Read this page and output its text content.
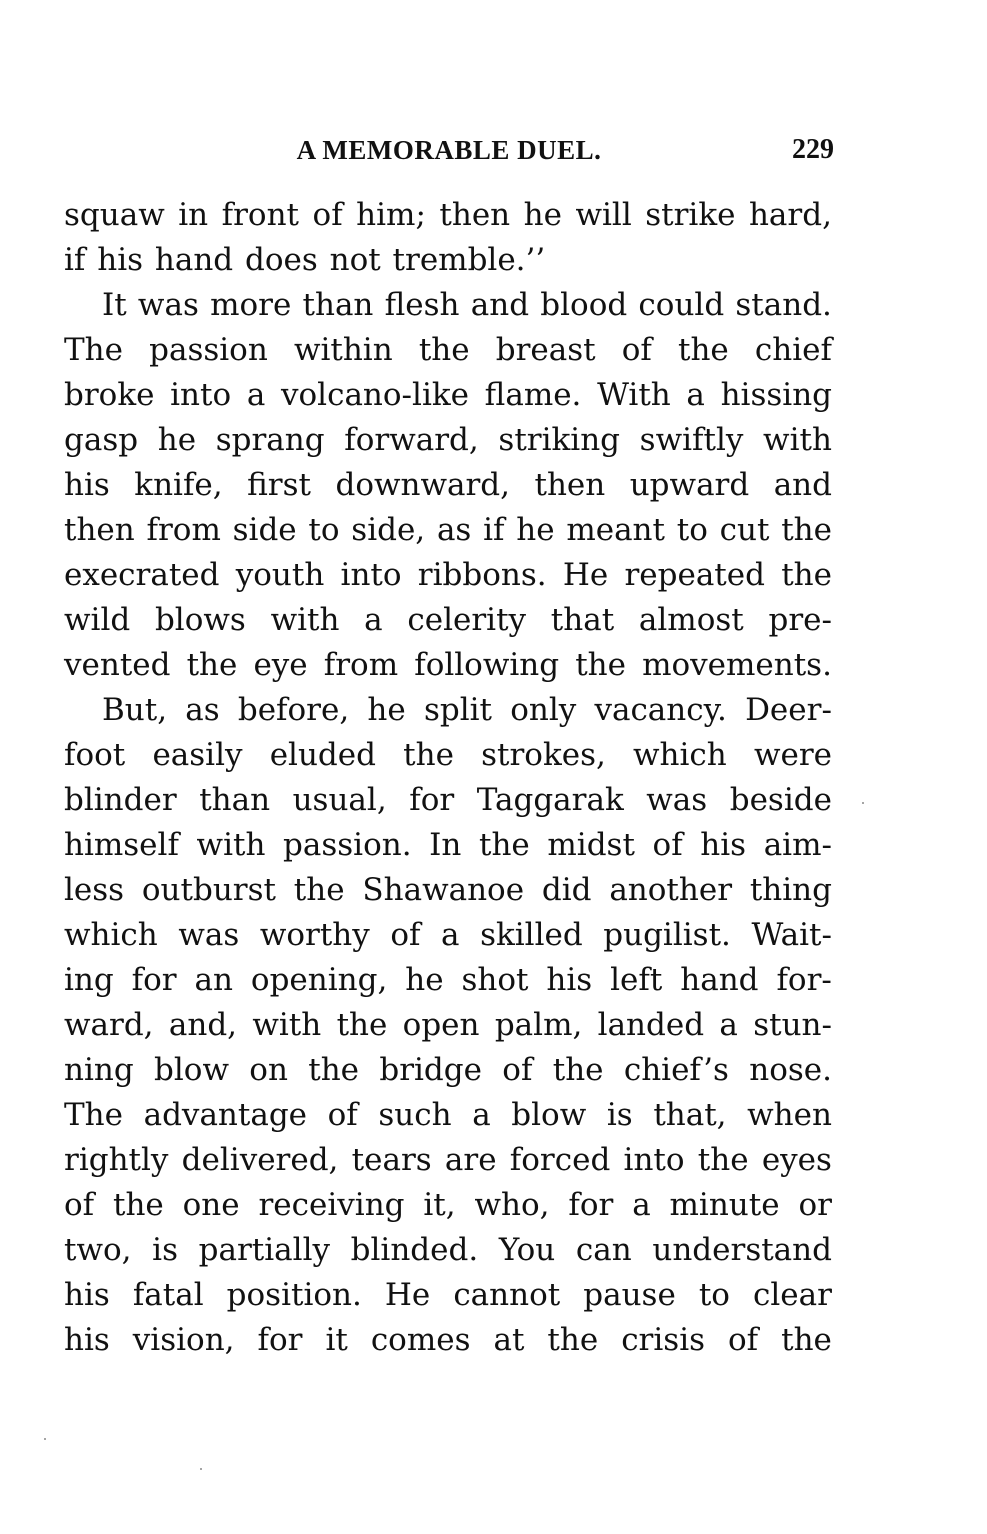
A MEMORABLE DUEL.	229
squaw in front of him; then he will strike hard,
if his hand does not tremble.’’
It was more than flesh and blood could stand.
The passion within the breast of the chief
broke into a volcano-like flame. With a hissing
gasp he sprang forward, striking swiftly with
his knife, first downward, then upward and
then from side to side, as if he meant to cut the
execrated youth into ribbons. He repeated the
wild blows with a celerity that almost pre-
vented the eye from following the movements.
But, as before, he split only vacancy. Deer-
foot easily eluded the strokes, which were
blinder than usual, for Taggarak was beside
himself with passion. In the midst of his aim-
less outburst the Shawanoe did another thing
which was worthy of a skilled pugilist. Wait-
ing for an opening, he shot his left hand for-
ward, and, with the open palm, landed a stun-
ning blow on the bridge of the chief’s nose.
The advantage of such a blow is that, when
rightly delivered, tears are forced into the eyes
of the one receiving it, who, for a minute or
two, is partially blinded. You can understand
his fatal position. He cannot pause to clear
his vision, for it comes at the crisis of the
